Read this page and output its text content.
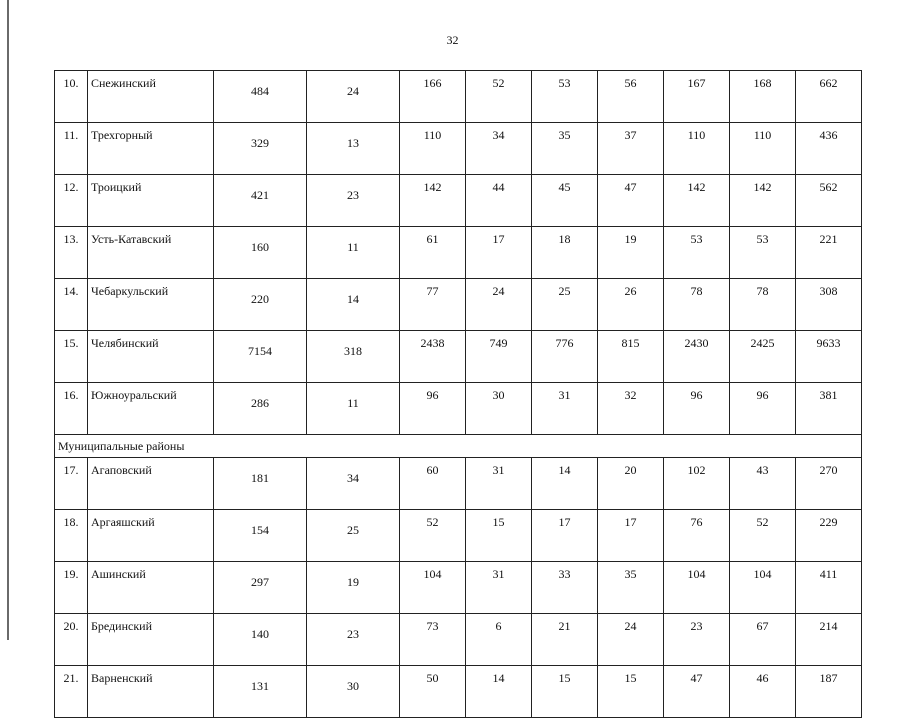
32
10.	Снежинский	484	24	166	52	53	56	167	168	662
11.	Трехгорный	329	13	110	34	35	37	110	110	436
12.	Троицкий	421	23	142	44	45	47	142	142	562
13.	Усть-Катавский	160	11	61	17	18	19	53	53	221
14.	Чебаркульский	220	14	77	24	25	26	78	78	308
15.	Челябинский	7154	318	2438	749	776	815	2430	2425	9633
16.	Южноуральский	286	11	96	30	31	32	96	96	381
Муниципальные районы										
17.	Агаповский	181	34	60	31	14	20	102	43	270
18.	Аргаяшский	154	25	52	15	17	17	76	52	229
19.	Ашинский	297	19	104	31	33	35	104	104	411
20.	Брединский	140	23	73	6	21	24	23	67	214
21.	Варненский	131	30	50	14	15	15	47	46	187
